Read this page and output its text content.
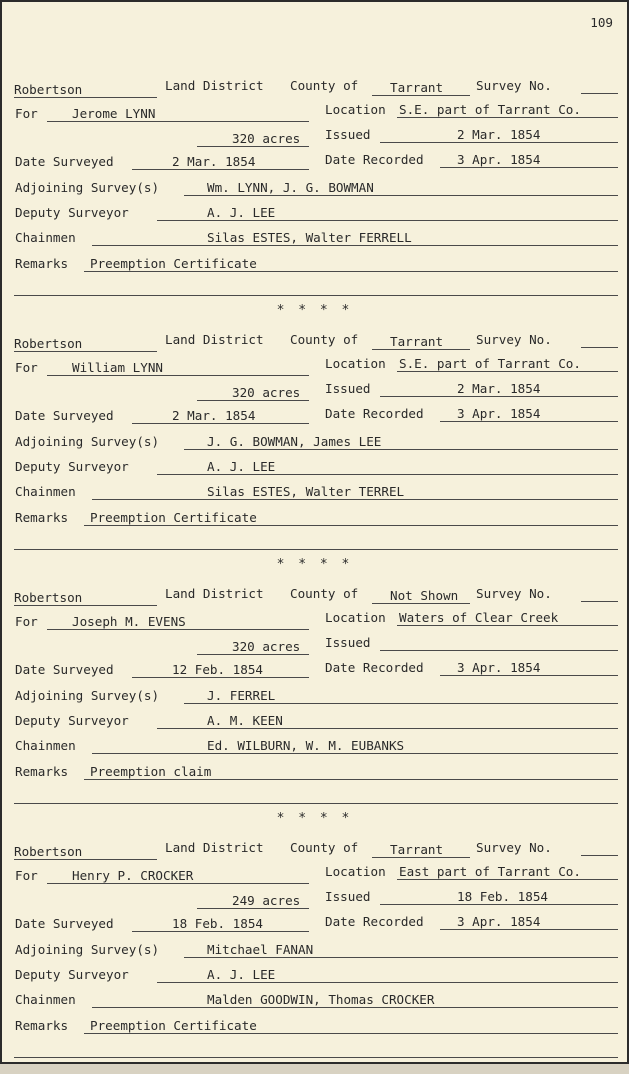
109
Robertson	Land District County of	Tarrant	Survey No.
For	Jerome LYNN	Location S.E. part of Tarrant Co.
320 acres Issued	2 Mar. 1854
Date Surveyed	2 Mar. 1854	Date Recorded	3 Apr. 1854
Adjoining Survey(s)	Wm. LYNN, J. G. BOWMAN
Deputy Surveyor	A. J. LEE
Chainmen	Silas ESTES, Walter FERRELL
Remarks Preemption Certificate
Robertson	Land District County of	Tarrant	Survey No.
For	William LYNN	Location S.E. part of Tarrant Co.
320 acres Issued	2 Mar. 1854
Date Surveyed	2 Mar. 1854	Date Recorded	3 Apr. 1854
Adjoining Survey(s)	J. G. BOWMAN, James LEE
Deputy Surveyor	A. J. LEE
Chainmen	Silas ESTES, Walter TERREL
Remarks Preemption Certificate
Robertson	Land District County of	Not Shown Survey No.
For	Joseph M. EVENS	Location Waters of Clear Creek
320 acres Issued
Date Surveyed	12 Feb. 1854	Date Recorded	3 Apr. 1854
Adjoining Survey(s)	J. FERREL
Deputy Surveyor	A. M. KEEN
Chainmen	Ed. WILBURN, W. M. EUBANKS
Remarks Preemption claim
Robertson	Land District County of	Tarrant	Survey No.
For	Henry P. CROCKER	Location East part of Tarrant Co.
249 acres Issued	18 Feb. 1854
Date Surveyed	18 Feb. 1854	Date Recorded	3 Apr. 1854
Adjoining Survey(s)	Mitchael FANAN
Deputy Surveyor	A. J. LEE
Chainmen	Malden GOODWIN, Thomas CROCKER
Remarks Preemption Certificate
* * * *
* * * *
* * * *
